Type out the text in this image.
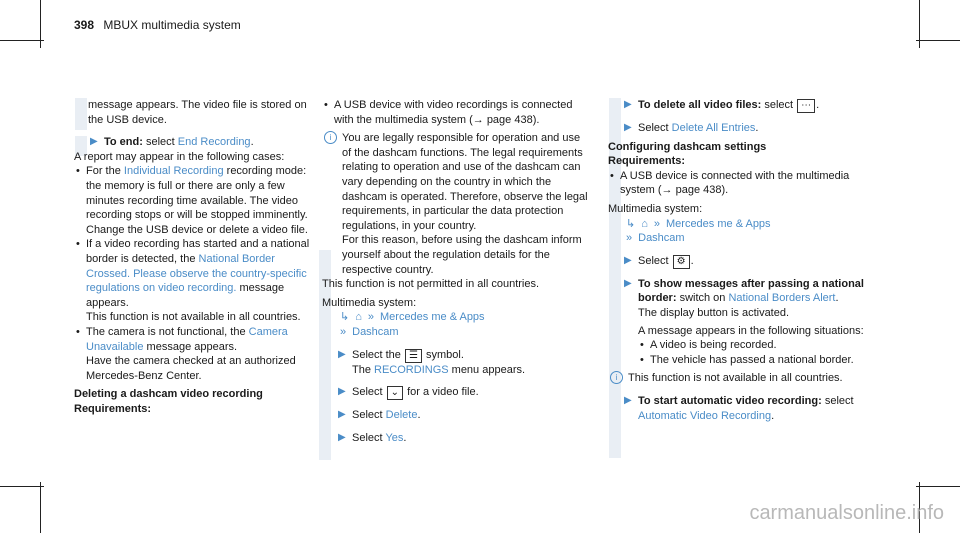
398 MBUX multimedia system

message appears. The video file is stored on the USB device.

▶ To end: select End Recording.

A report may appear in the following cases:

• For the Individual Recording recording mode: the memory is full or there are only a few minutes recording time available. The video recording stops or will be stopped imminently.

Change the USB device or delete a video file.

• If a video recording has started and a national border is detected, the National Border Crossed. Please observe the country-specific regulations on video recording. message appears.

This function is not available in all countries.

• The camera is not functional, the Camera Unavailable message appears.

Have the camera checked at an authorized Mercedes-Benz Center.

Deleting a dashcam video recording

Requirements:

• A USB device with video recordings is connected with the multimedia system (→ page 438).

i You are legally responsible for operation and use of the dashcam functions. The legal requirements relating to operation and use of the dashcam can vary depending on the country in which the dashcam is operated. Therefore, observe the legal requirements, in particular the data protection regulations, in your country.

For this reason, before using the dashcam inform yourself about the regulation details for the respective country.

This function is not permitted in all countries.

Multimedia system:

↳ ⌂ » Mercedes me & Apps

» Dashcam

▶ Select the ☰ symbol.
The RECORDINGS menu appears.

▶ Select ⌄ for a video file.

▶ Select Delete.

▶ Select Yes.

▶ To delete all video files: select ⋯ .

▶ Select Delete All Entries.

Configuring dashcam settings

Requirements:

• A USB device is connected with the multimedia system (→ page 438).

Multimedia system:

↳ ⌂ » Mercedes me & Apps

» Dashcam

▶ Select ⚙ .

▶ To show messages after passing a national border: switch on National Borders Alert.

The display button is activated.

A message appears in the following situations:

• A video is being recorded.

• The vehicle has passed a national border.

i This function is not available in all countries.

▶ To start automatic video recording: select Automatic Video Recording.

carmanualsonline.info
